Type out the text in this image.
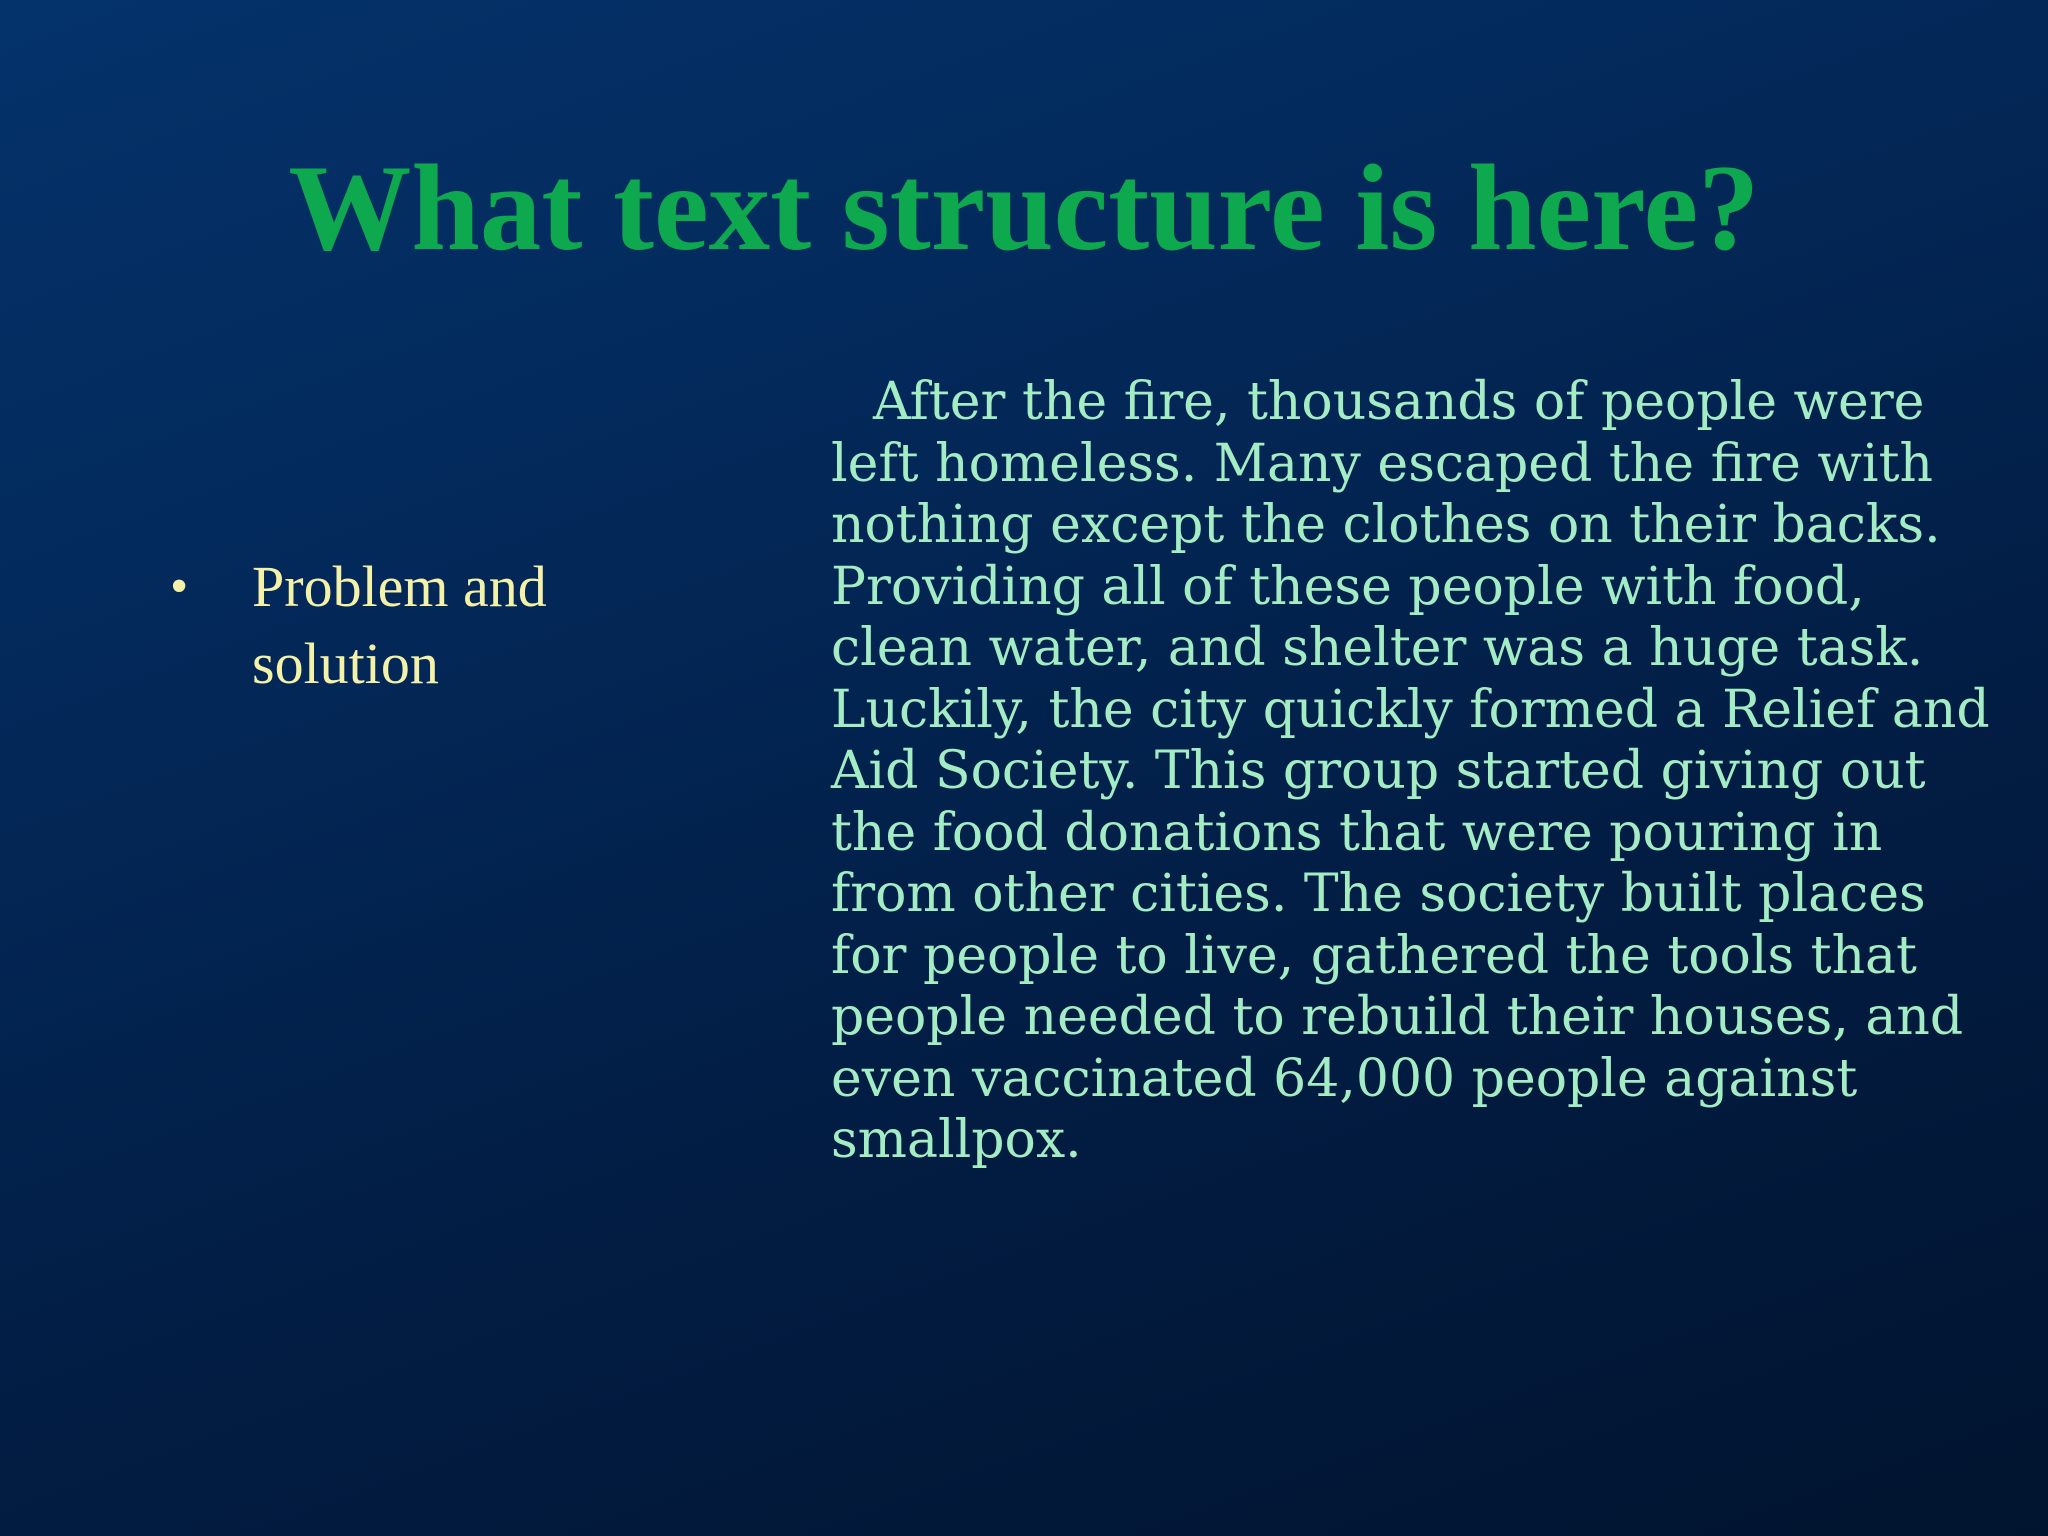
What text structure is here?
• Problem and solution

After the fire, thousands of people were left homeless. Many escaped the fire with nothing except the clothes on their backs. Providing all of these people with food, clean water, and shelter was a huge task. Luckily, the city quickly formed a Relief and Aid Society. This group started giving out the food donations that were pouring in from other cities. The society built places for people to live, gathered the tools that people needed to rebuild their houses, and even vaccinated 64,000 people against smallpox.
